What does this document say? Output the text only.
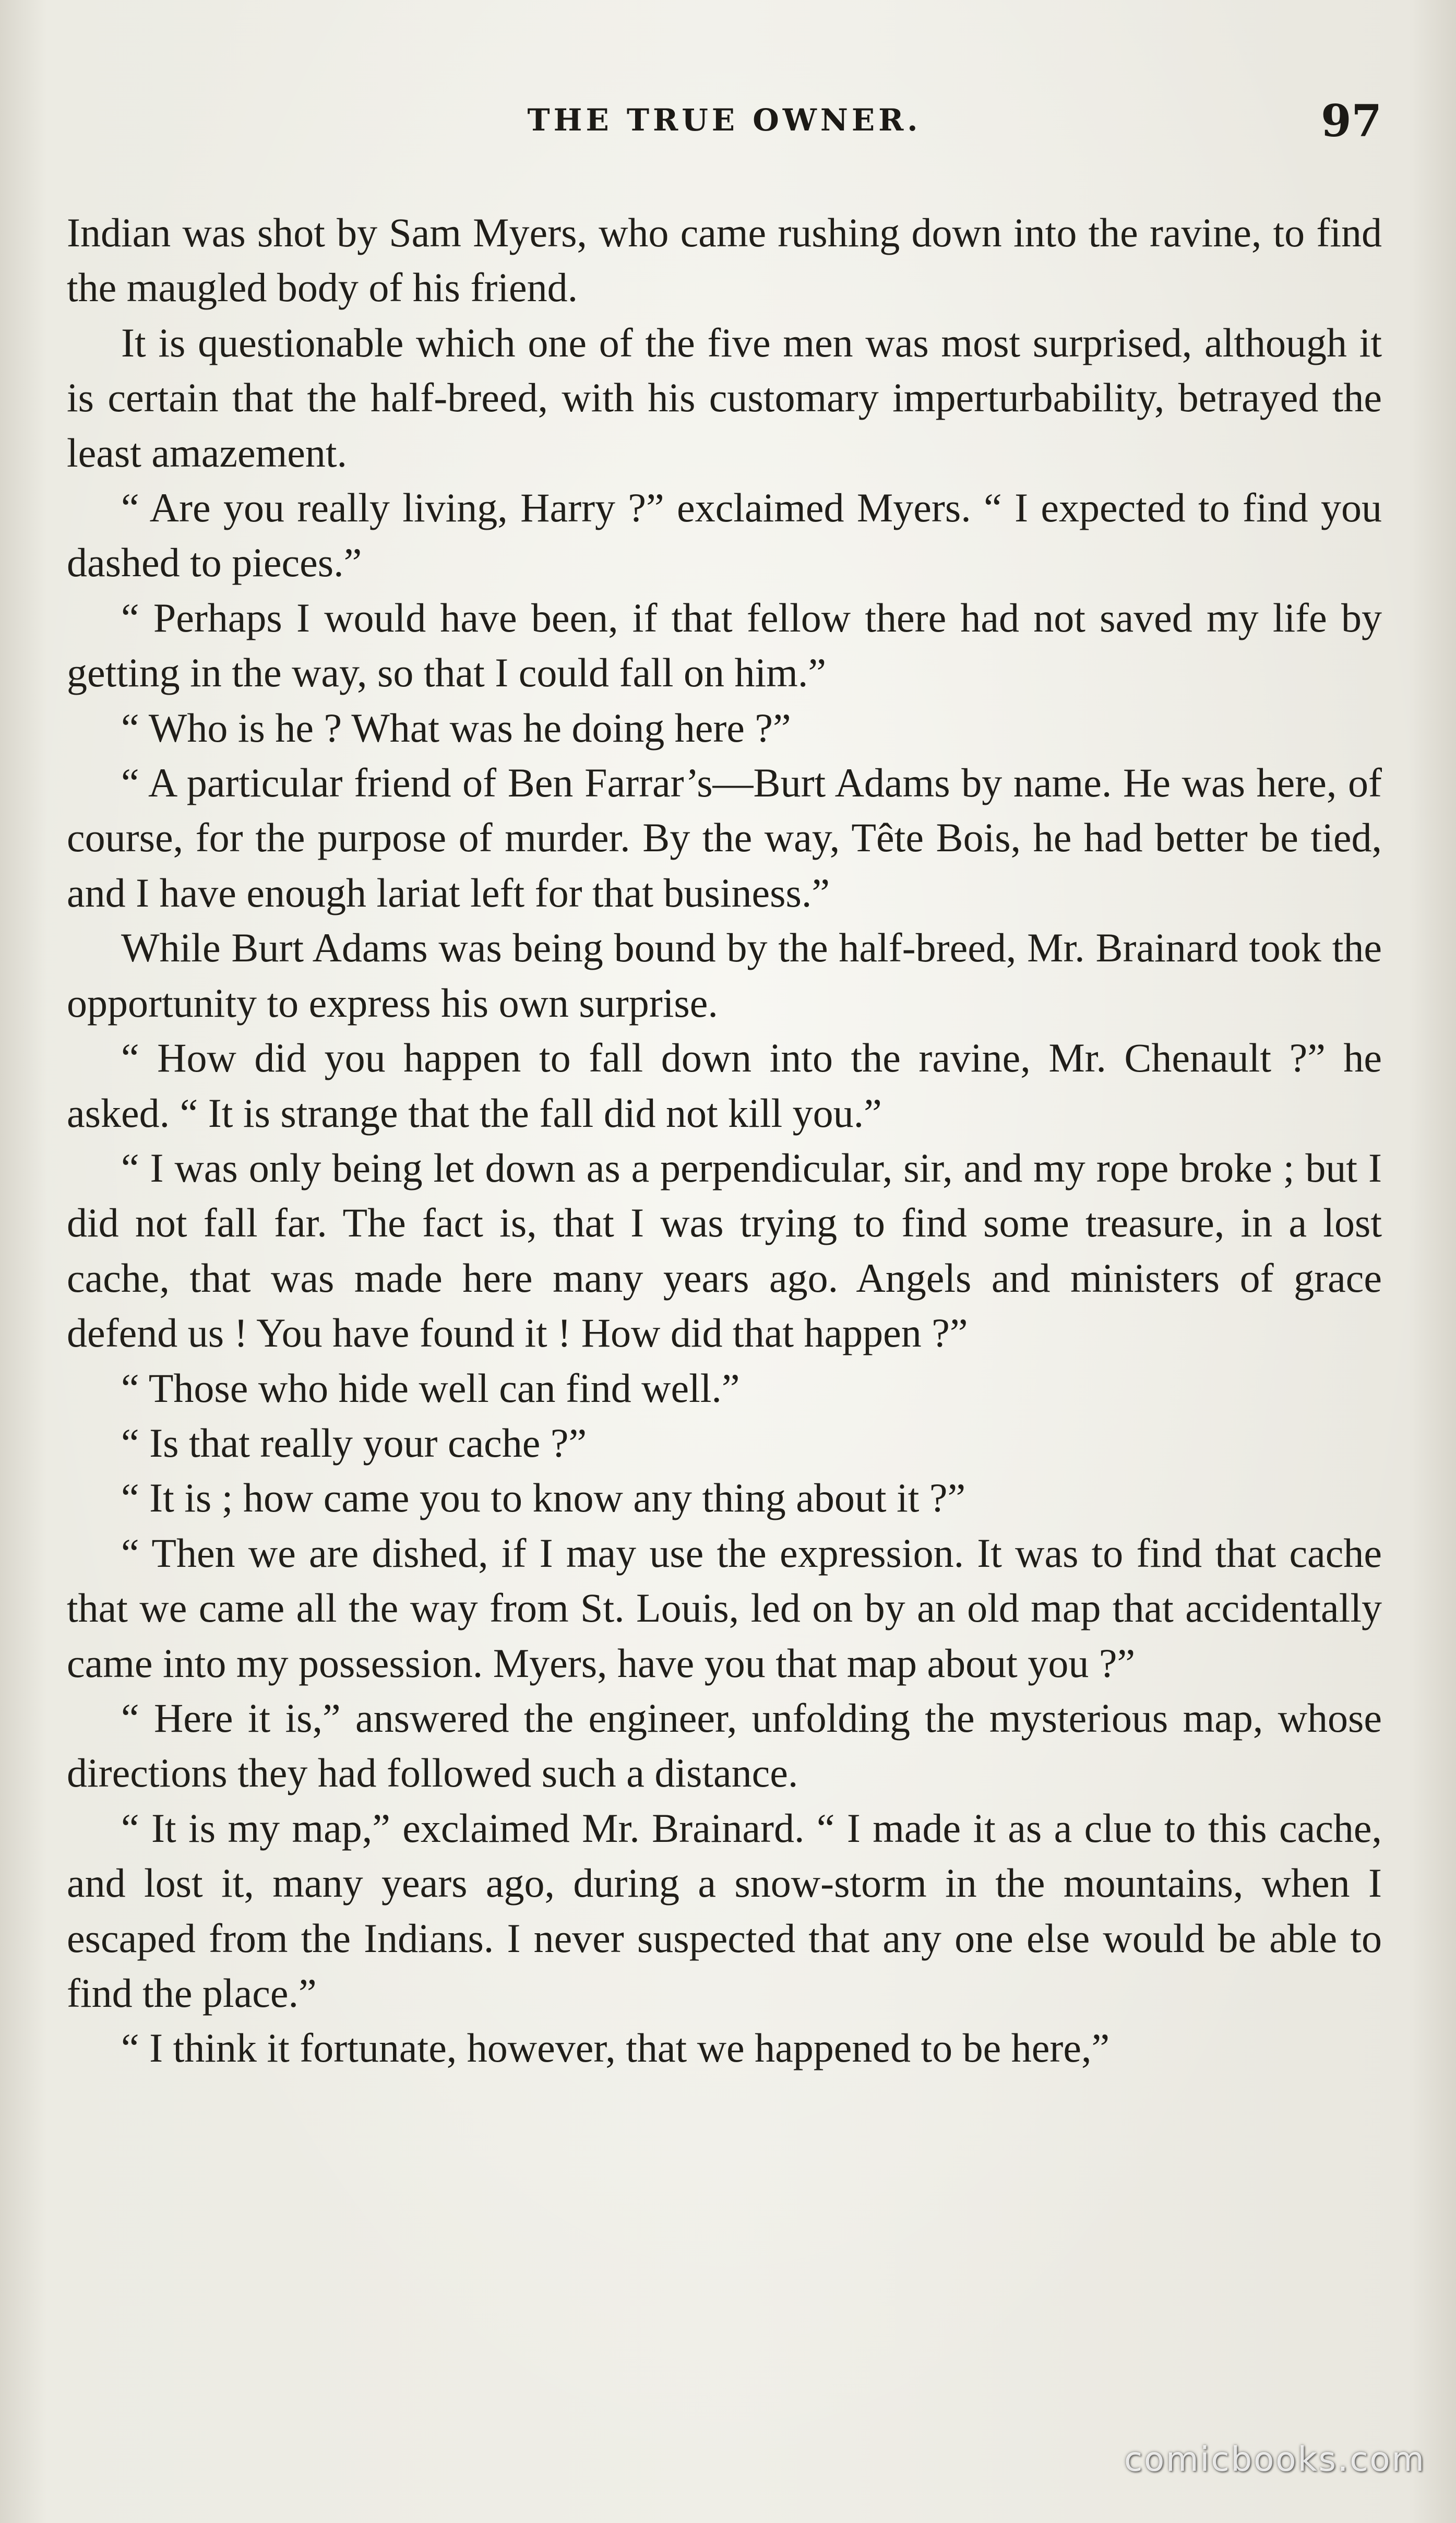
THE TRUE OWNER.	97

Indian was shot by Sam Myers, who came rushing down into the ravine, to find the maugled body of his friend.

It is questionable which one of the five men was most surprised, although it is certain that the half-breed, with his customary imperturbability, betrayed the least amazement.

“ Are you really living, Harry ?” exclaimed Myers. “ I expected to find you dashed to pieces.”

“ Perhaps I would have been, if that fellow there had not saved my life by getting in the way, so that I could fall on him.”

“ Who is he ? What was he doing here ?”

“ A particular friend of Ben Farrar’s—Burt Adams by name. He was here, of course, for the purpose of murder. By the way, Tête Bois, he had better be tied, and I have enough lariat left for that business.”

While Burt Adams was being bound by the half-breed, Mr. Brainard took the opportunity to express his own surprise.

“ How did you happen to fall down into the ravine, Mr. Chenault ?” he asked. “ It is strange that the fall did not kill you.”

“ I was only being let down as a perpendicular, sir, and my rope broke ; but I did not fall far. The fact is, that I was trying to find some treasure, in a lost cache, that was made here many years ago. Angels and ministers of grace defend us ! You have found it ! How did that happen ?”

“ Those who hide well can find well.”

“ Is that really your cache ?”

“ It is ; how came you to know any thing about it ?”

“ Then we are dished, if I may use the expression. It was to find that cache that we came all the way from St. Louis, led on by an old map that accidentally came into my possession. Myers, have you that map about you ?”

“ Here it is,” answered the engineer, unfolding the mysterious map, whose directions they had followed such a distance.

“ It is my map,” exclaimed Mr. Brainard. “ I made it as a clue to this cache, and lost it, many years ago, during a snow-storm in the mountains, when I escaped from the Indians. I never suspected that any one else would be able to find the place.”

“ I think it fortunate, however, that we happened to be here,”

comicbooks.com
